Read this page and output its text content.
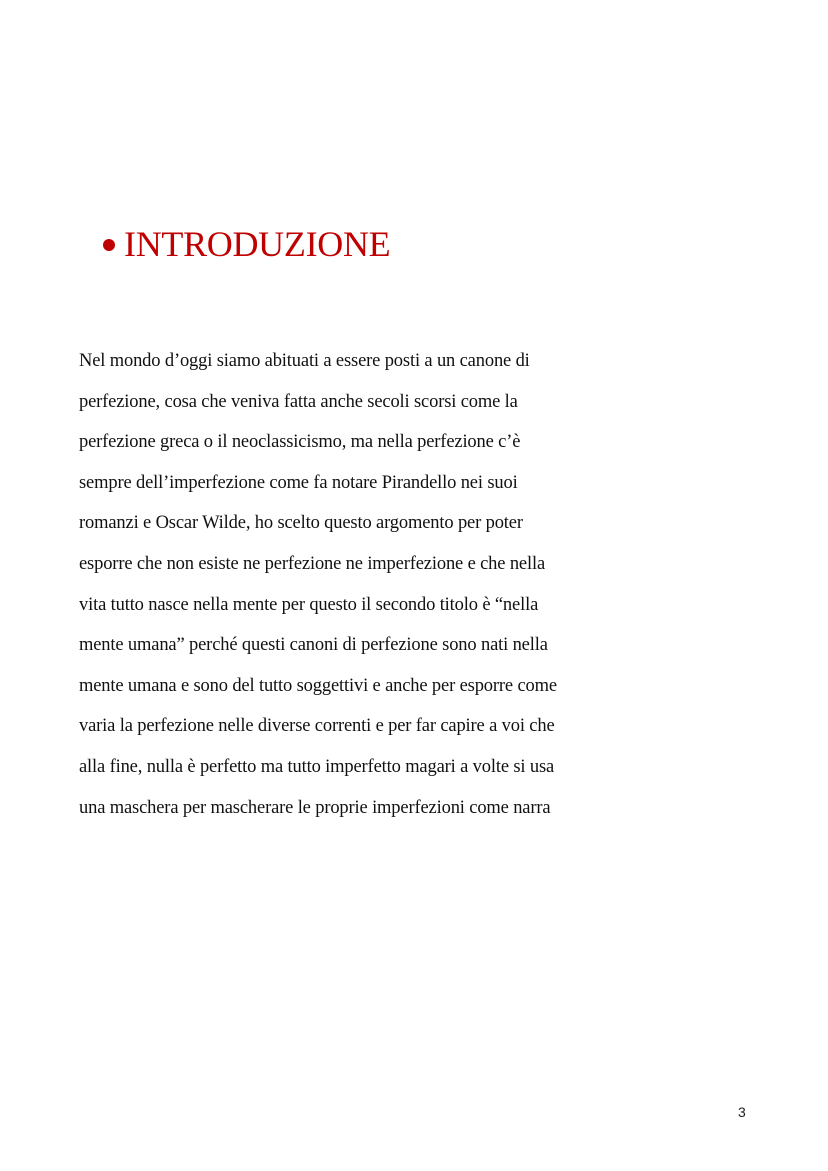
INTRODUZIONE
Nel mondo d’oggi siamo abituati a essere posti a un canone di
perfezione, cosa che veniva fatta anche secoli scorsi come la
perfezione greca o il neoclassicismo, ma nella perfezione c’è
sempre dell’imperfezione come fa notare Pirandello nei suoi
romanzi e Oscar Wilde, ho scelto questo argomento per poter
esporre che non esiste ne perfezione ne imperfezione e che nella
vita tutto nasce nella mente per questo il secondo titolo è “nella
mente umana” perché questi canoni di perfezione sono nati nella
mente umana e sono del tutto soggettivi e anche per esporre come
varia la perfezione nelle diverse correnti e per far capire a voi che
alla fine, nulla è perfetto ma tutto imperfetto magari a volte si usa
una maschera per mascherare le proprie imperfezioni come narra
3
